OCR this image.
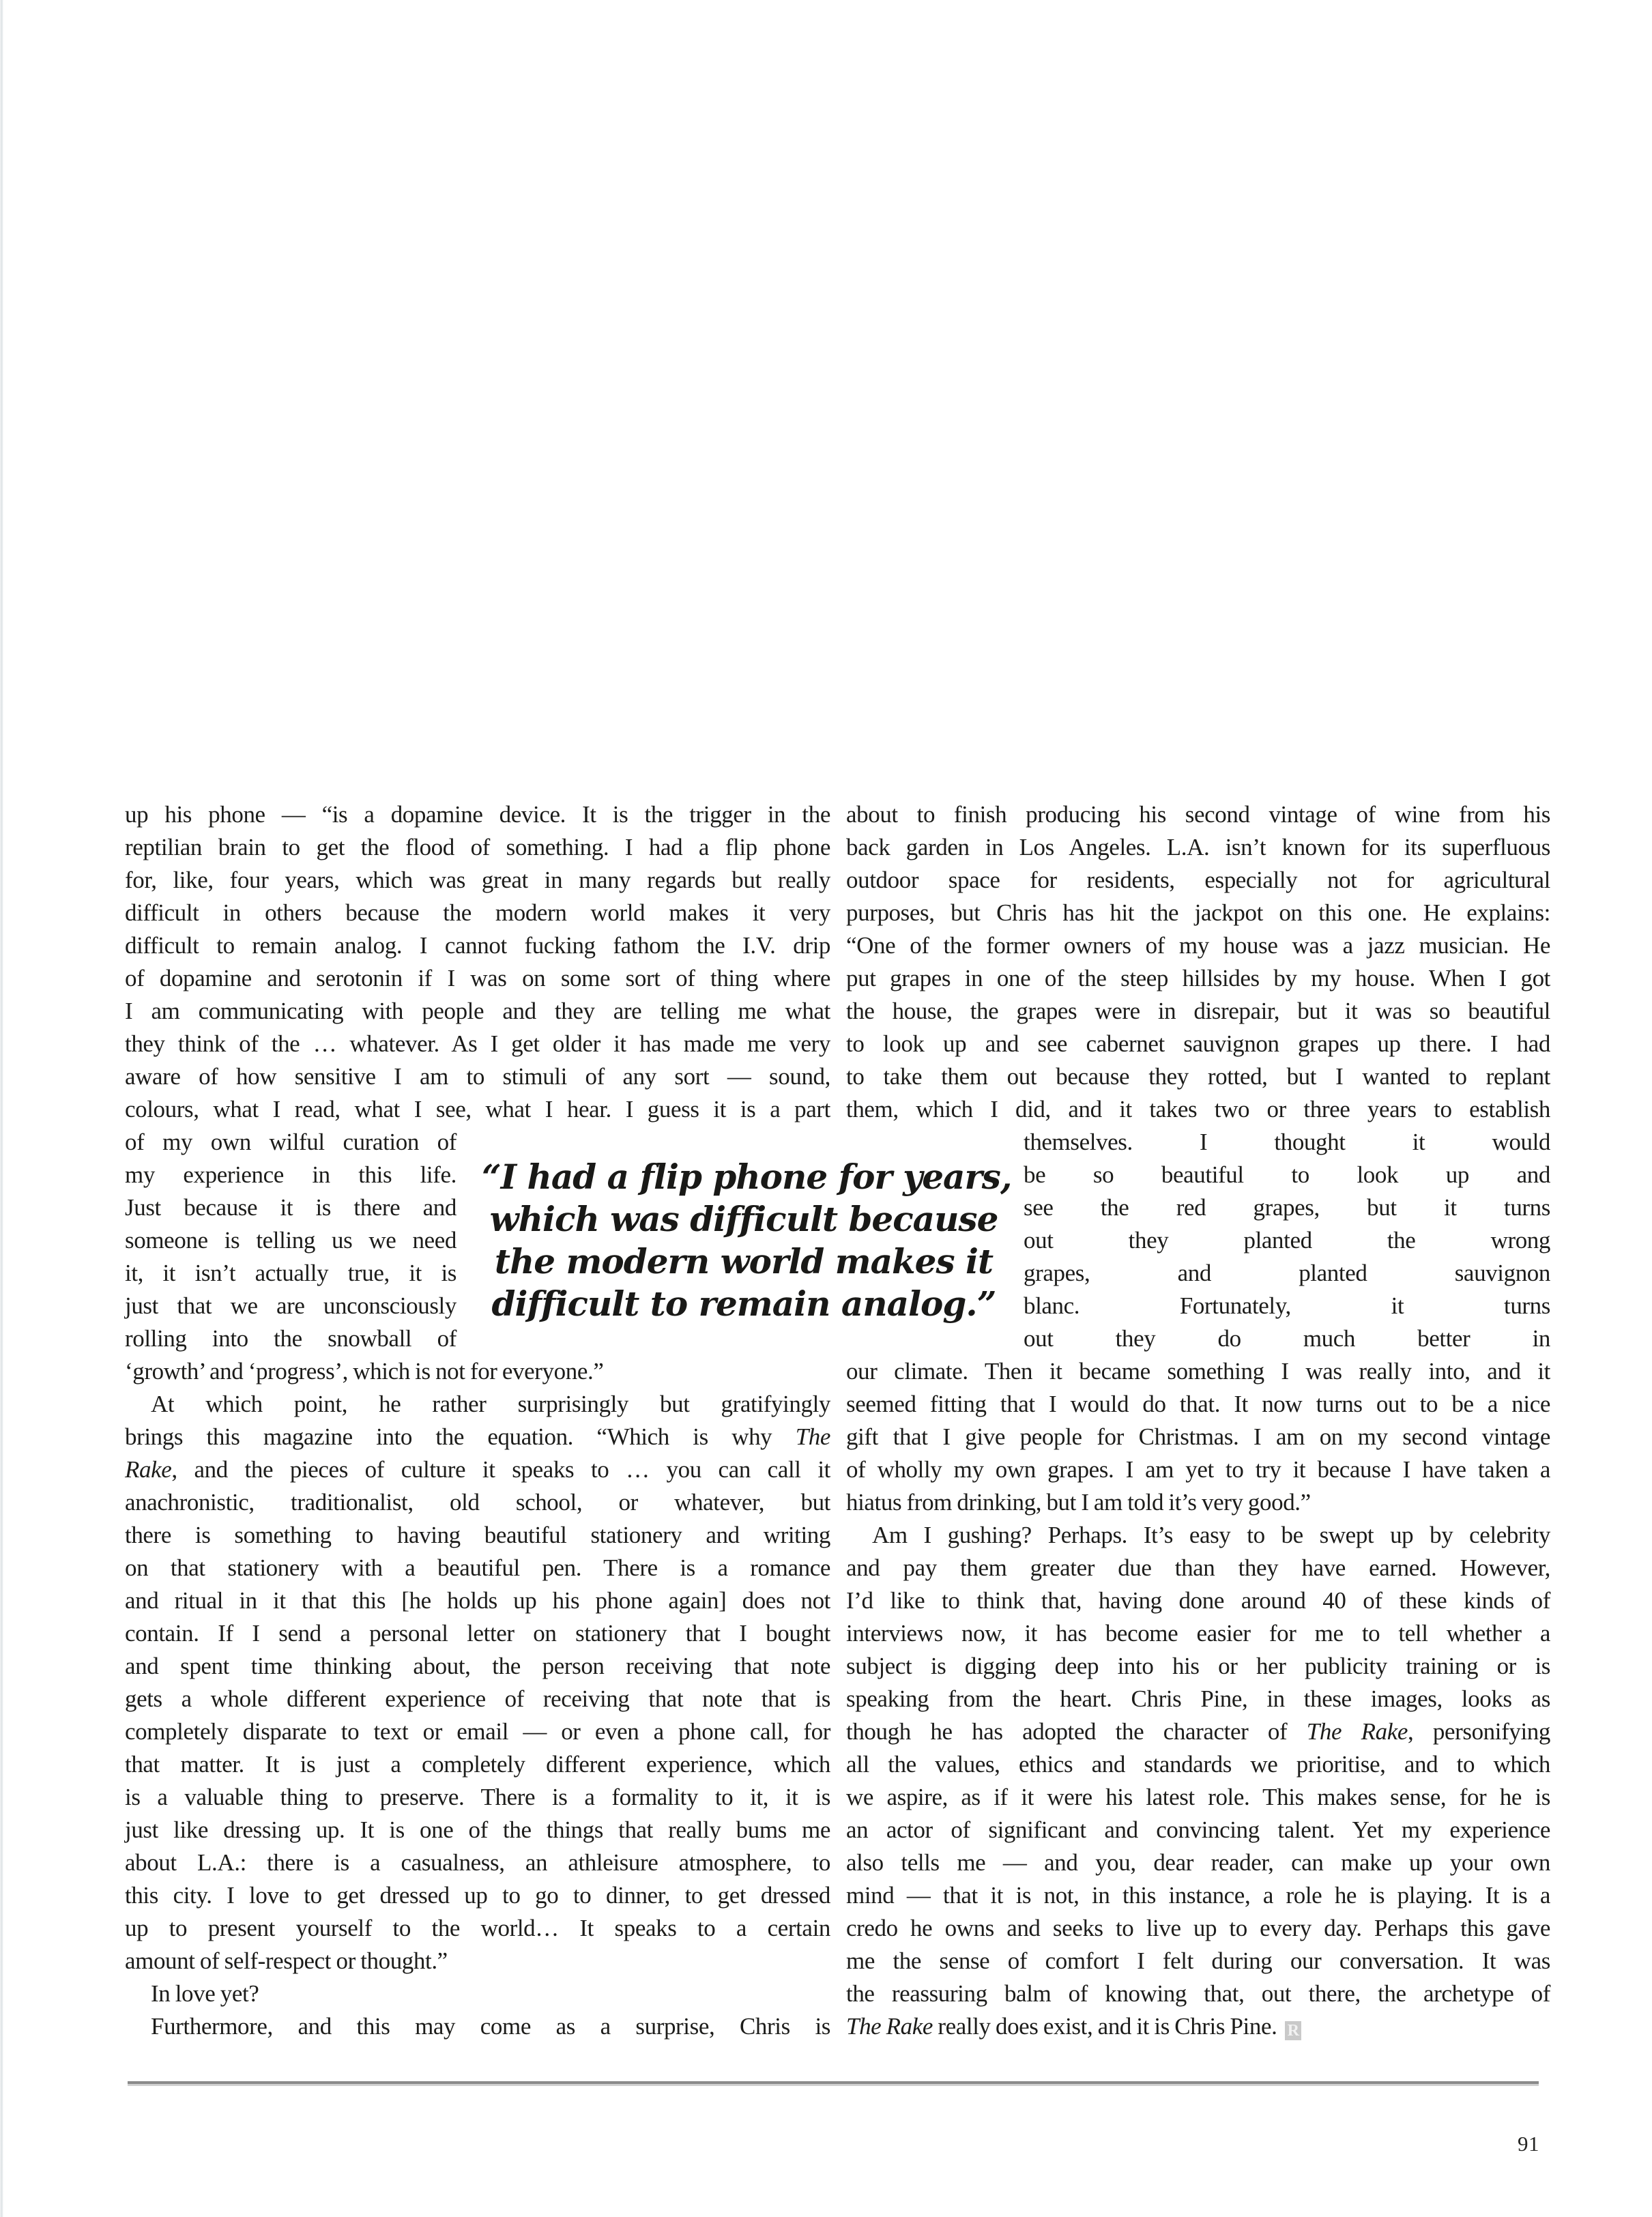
up his phone — “is a dopamine device. It is the trigger in the
reptilian brain to get the flood of something. I had a flip phone
for, like, four years, which was great in many regards but really
difficult in others because the modern world makes it very
difficult to remain analog. I cannot fucking fathom the I.V. drip
of dopamine and serotonin if I was on some sort of thing where
I am communicating with people and they are telling me what
they think of the … whatever. As I get older it has made me very
aware of how sensitive I am to stimuli of any sort — sound,
colours, what I read, what I see, what I hear. I guess it is a part
of my own wilful curation of
my experience in this life.
Just because it is there and
someone is telling us we need
it, it isn’t actually true, it is
just that we are unconsciously
rolling into the snowball of
‘growth’ and ‘progress’, which is not for everyone.”
At which point, he rather surprisingly but gratifyingly
brings this magazine into the equation. “Which is why The
Rake, and the pieces of culture it speaks to … you can call it
anachronistic, traditionalist, old school, or whatever, but
there is something to having beautiful stationery and writing
on that stationery with a beautiful pen. There is a romance
and ritual in it that this [he holds up his phone again] does not
contain. If I send a personal letter on stationery that I bought
and spent time thinking about, the person receiving that note
gets a whole different experience of receiving that note that is
completely disparate to text or email — or even a phone call, for
that matter. It is just a completely different experience, which
is a valuable thing to preserve. There is a formality to it, it is
just like dressing up. It is one of the things that really bums me
about L.A.: there is a casualness, an athleisure atmosphere, to
this city. I love to get dressed up to go to dinner, to get dressed
up to present yourself to the world… It speaks to a certain
amount of self-respect or thought.”
In love yet?
Furthermore, and this may come as a surprise, Chris is
“I had a flip phone for years,
which was difficult because
the modern world makes it
difficult to remain analog.”
about to finish producing his second vintage of wine from his
back garden in Los Angeles. L.A. isn’t known for its superfluous
outdoor space for residents, especially not for agricultural
purposes, but Chris has hit the jackpot on this one. He explains:
“One of the former owners of my house was a jazz musician. He
put grapes in one of the steep hillsides by my house. When I got
the house, the grapes were in disrepair, but it was so beautiful
to look up and see cabernet sauvignon grapes up there. I had
to take them out because they rotted, but I wanted to replant
them, which I did, and it takes two or three years to establish
themselves. I thought it would
be so beautiful to look up and
see the red grapes, but it turns
out they planted the wrong
grapes, and planted sauvignon
blanc. Fortunately, it turns
out they do much better in
our climate. Then it became something I was really into, and it
seemed fitting that I would do that. It now turns out to be a nice
gift that I give people for Christmas. I am on my second vintage
of wholly my own grapes. I am yet to try it because I have taken a
hiatus from drinking, but I am told it’s very good.”
Am I gushing? Perhaps. It’s easy to be swept up by celebrity
and pay them greater due than they have earned. However,
I’d like to think that, having done around 40 of these kinds of
interviews now, it has become easier for me to tell whether a
subject is digging deep into his or her publicity training or is
speaking from the heart. Chris Pine, in these images, looks as
though he has adopted the character of The Rake, personifying
all the values, ethics and standards we prioritise, and to which
we aspire, as if it were his latest role. This makes sense, for he is
an actor of significant and convincing talent. Yet my experience
also tells me — and you, dear reader, can make up your own
mind — that it is not, in this instance, a role he is playing. It is a
credo he owns and seeks to live up to every day. Perhaps this gave
me the sense of comfort I felt during our conversation. It was
the reassuring balm of knowing that, out there, the archetype of
The Rake really does exist, and it is Chris Pine. R
91
